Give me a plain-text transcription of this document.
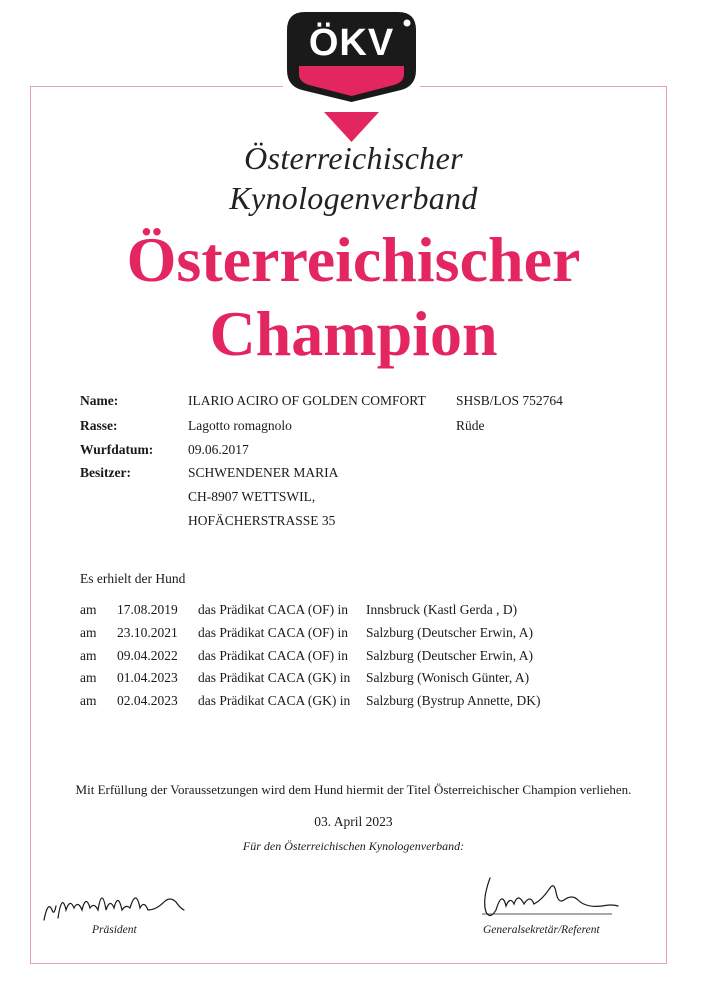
ÖKV
Österreichischer
Kynologenverband
Österreichischer
Champion
Name:	ILARIO ACIRO OF GOLDEN COMFORT SHSB/LOS 752764
Rasse:	Lagotto romagnolo	Rüde
Wurfdatum:	09.06.2017
Besitzer:	SCHWENDENER MARIA
CH-8907 WETTSWIL,
HOFÄCHERSTRASSE 35
Es erhielt der Hund
am 17.08.2019 das Prädikat CACA (OF) in Innsbruck (Kastl Gerda , D)
am 23.10.2021 das Prädikat CACA (OF) in Salzburg (Deutscher Erwin, A)
am 09.04.2022 das Prädikat CACA (OF) in Salzburg (Deutscher Erwin, A)
am 01.04.2023 das Prädikat CACA (GK) in Salzburg (Wonisch Günter, A)
am 02.04.2023 das Prädikat CACA (GK) in Salzburg (Bystrup Annette, DK)
Mit Erfüllung der Voraussetzungen wird dem Hund hiermit der Titel Österreichischer Champion verliehen.
03. April 2023
Für den Österreichischen Kynologenverband:
Präsident	Generalsekretär/Referent
